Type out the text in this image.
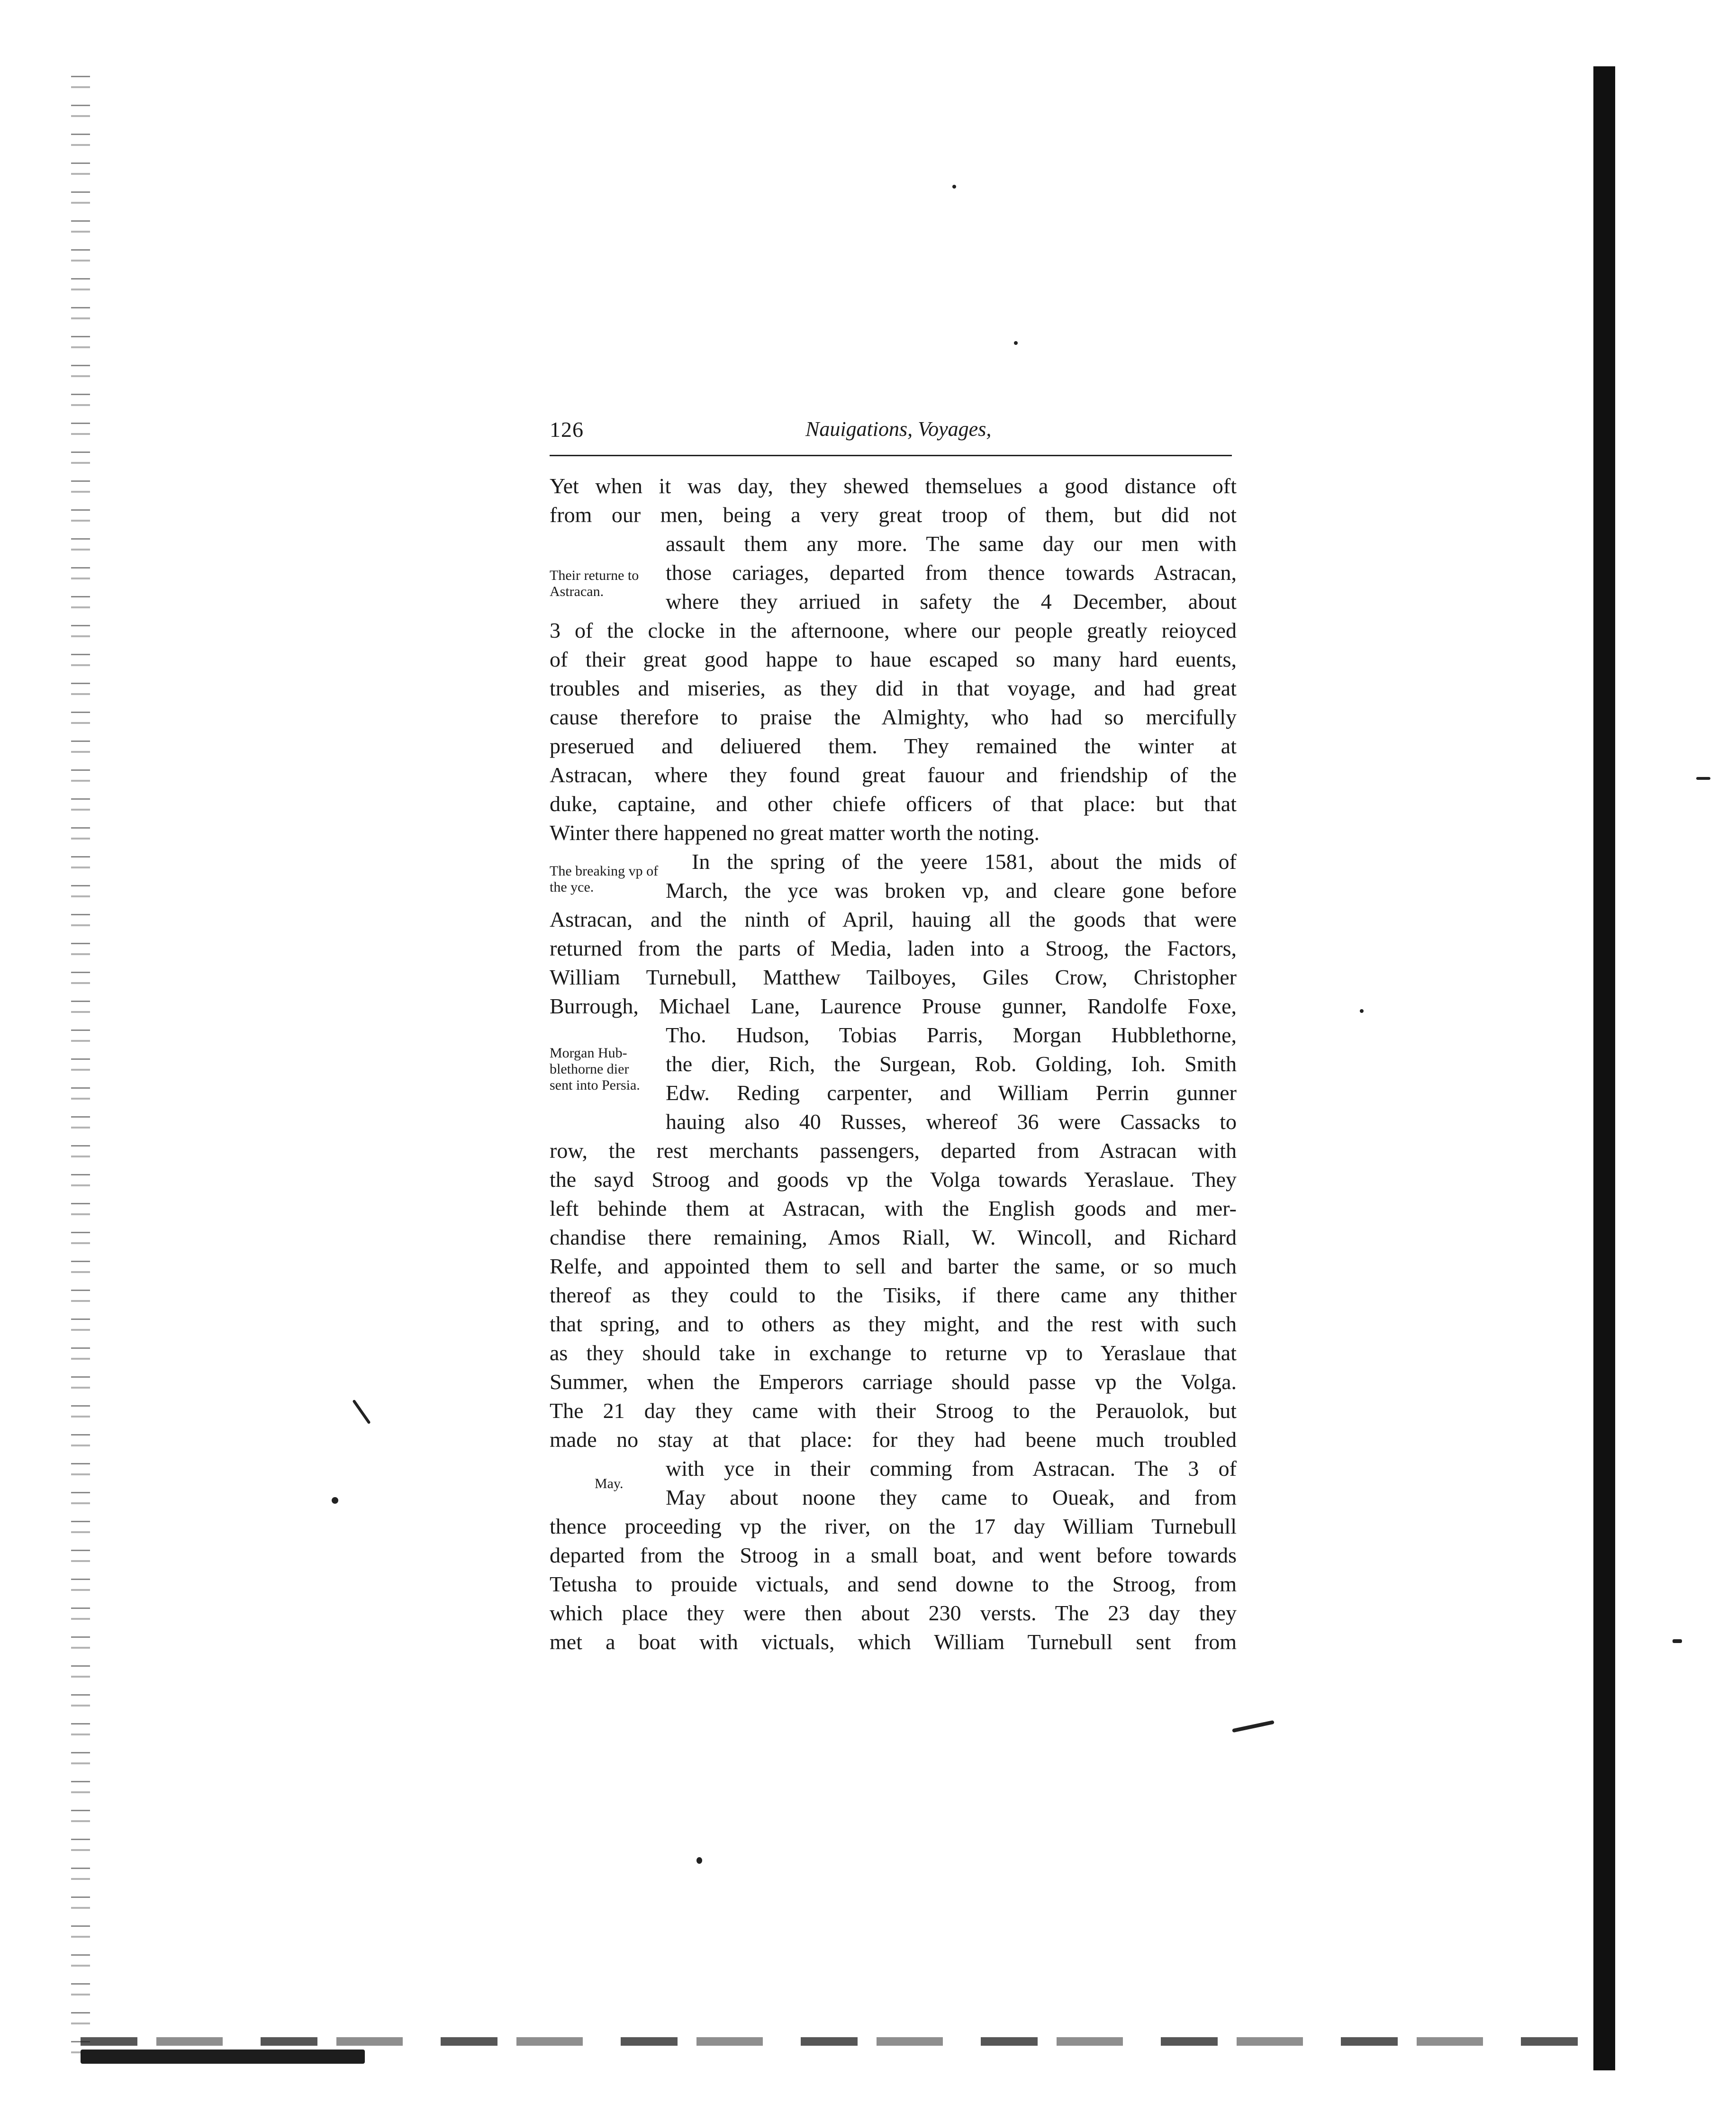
126	Nauigations, Voyages,
Their returne to Astracan.
The breaking vp of the yce.
Morgan Hub-blethorne dier sent into Persia.
May.
Yet when it was day, they shewed themselues a good distance oft
from our men, being a very great troop of them, but did not
assault them any more. The same day our men with
those cariages, departed from thence towards Astracan,
where they arriued in safety the 4 December, about
3 of the clocke in the afternoone, where our people greatly reioyced
of their great good happe to haue escaped so many hard euents,
troubles and miseries, as they did in that voyage, and had great
cause therefore to praise the Almighty, who had so mercifully
preserued and deliuered them. They remained the winter at
Astracan, where they found great fauour and friendship of the
duke, captaine, and other chiefe officers of that place: but that
Winter there happened no great matter worth the noting.
In the spring of the yeere 1581, about the mids of
March, the yce was broken vp, and cleare gone before
Astracan, and the ninth of April, hauing all the goods that were
returned from the parts of Media, laden into a Stroog, the Factors,
William Turnebull, Matthew Tailboyes, Giles Crow, Christopher
Burrough, Michael Lane, Laurence Prouse gunner, Randolfe Foxe,
Tho. Hudson, Tobias Parris, Morgan Hubblethorne,
the dier, Rich, the Surgean, Rob. Golding, Ioh. Smith
Edw. Reding carpenter, and William Perrin gunner
hauing also 40 Russes, whereof 36 were Cassacks to
row, the rest merchants passengers, departed from Astracan with
the sayd Stroog and goods vp the Volga towards Yeraslaue. They
left behinde them at Astracan, with the English goods and mer-
chandise there remaining, Amos Riall, W. Wincoll, and Richard
Relfe, and appointed them to sell and barter the same, or so much
thereof as they could to the Tisiks, if there came any thither
that spring, and to others as they might, and the rest with such
as they should take in exchange to returne vp to Yeraslaue that
Summer, when the Emperors carriage should passe vp the Volga.
The 21 day they came with their Stroog to the Perauolok, but
made no stay at that place: for they had beene much troubled
with yce in their comming from Astracan. The 3 of
May about noone they came to Oueak, and from
thence proceeding vp the river, on the 17 day William Turnebull
departed from the Stroog in a small boat, and went before towards
Tetusha to prouide victuals, and send downe to the Stroog, from
which place they were then about 230 versts. The 23 day they
met a boat with victuals, which William Turnebull sent from
